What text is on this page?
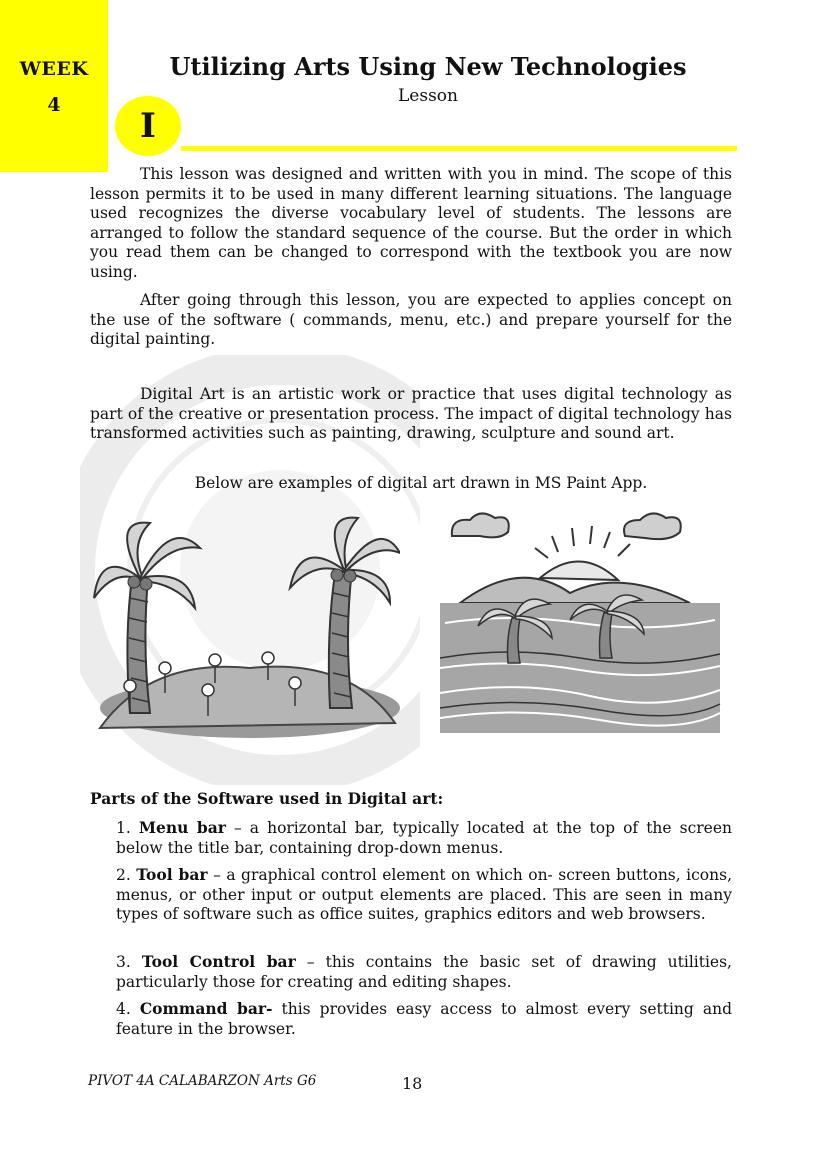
WEEK
4
Utilizing Arts Using New Technologies
Lesson
I

This lesson was designed and written with you in mind. The scope of this lesson permits it to be used in many different learning situations. The language used recognizes the diverse vocabulary level of students. The lessons are arranged to follow the standard sequence of the course. But the order in which you read them can be changed to correspond with the textbook you are now using.

After going through this lesson, you are expected to applies concept on the use of the software ( commands, menu, etc.) and prepare yourself for the digital painting.

Digital Art is an artistic work or practice that uses digital technology as part of the creative or presentation process. The impact of digital technology has transformed activities such as painting, drawing, sculpture and sound art.

Below are examples of digital art drawn in MS Paint App.
Parts of the Software used in Digital art:

1. Menu bar – a horizontal bar, typically located at the top of the screen below the title bar, containing drop-down menus.

2. Tool bar – a graphical control element on which on- screen buttons, icons, menus, or other input or output elements are placed. This are seen in many types of software such as office suites, graphics editors and web browsers.

3. Tool Control bar – this contains the basic set of drawing utilities, particularly those for creating and editing shapes.

4. Command bar- this provides easy access to almost every setting and feature in the browser.

PIVOT 4A CALABARZON Arts G6	18
